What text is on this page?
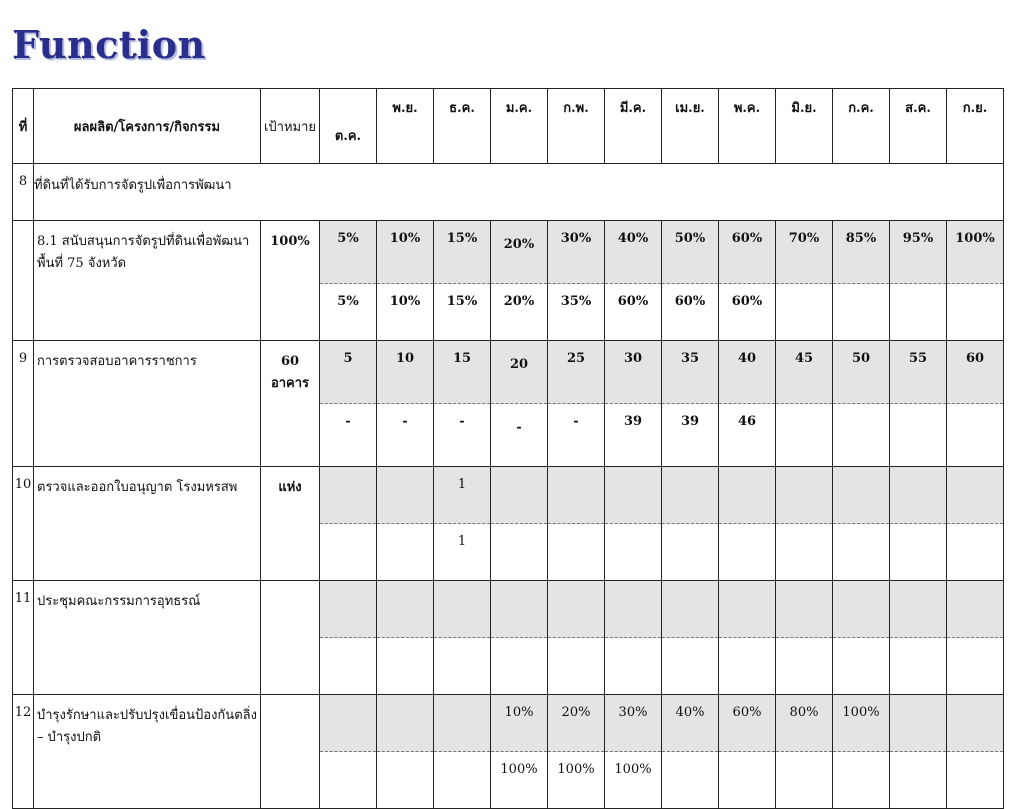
Function
ที่	ผลผลิต/โครงการ/กิจกรรม	เป้าหมาย	ต.ค.	พ.ย.	ธ.ค.	ม.ค.	ก.พ.	มี.ค.	เม.ย.	พ.ค.	มิ.ย.	ก.ค.	ส.ค.	ก.ย.
8	ที่ดินที่ได้รับการจัดรูปเพื่อการพัฒนา													
	8.1 สนับสนุนการจัดรูปที่ดินเพื่อพัฒนาพื้นที่ 75 จังหวัด	100%	5%	10%	15%	20%	30%	40%	50%	60%	70%	85%	95%	100%
			5%	10%	15%	20%	35%	60%	60%	60%				
9	การตรวจสอบอาคารราชการ	60 อาคาร	5	10	15	20	25	30	35	40	45	50	55	60
			-	-	-	-	-	39	39	46				
10	ตรวจและออกใบอนุญาต โรงมหรสพ	แห่ง			1									
					1									
11	ประชุมคณะกรรมการอุทธรณ์													

12	บำรุงรักษาและปรับปรุงเขื่อนป้องกันตลิ่ง – บำรุงปกติ					10%	20%	30%	40%	60%	80%	100%		
						100%	100%	100%						
